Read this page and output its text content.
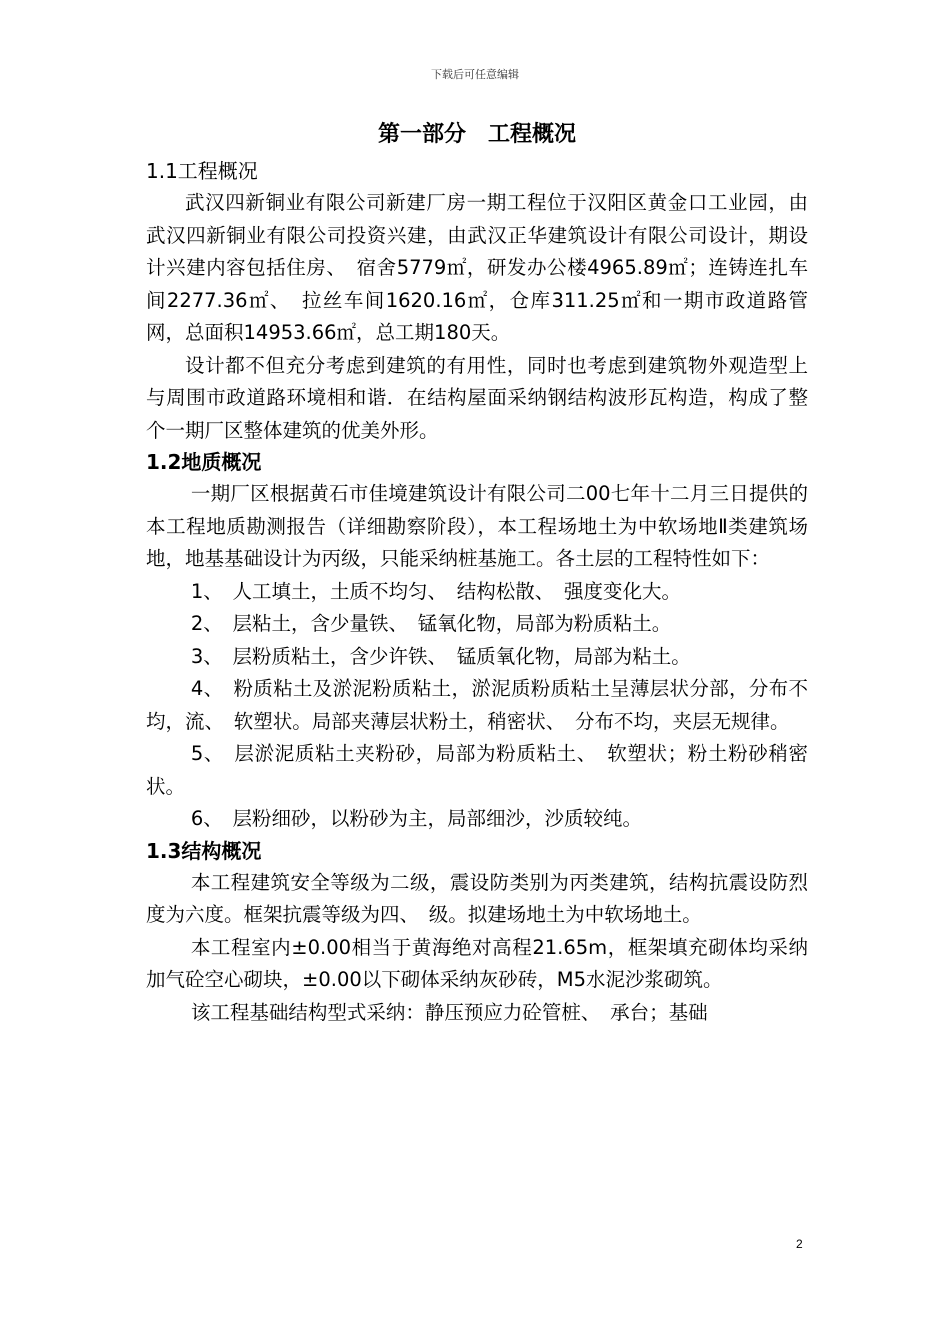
下载后可任意编辑
第一部分　工程概况
1.1工程概况

武汉四新铜业有限公司新建厂房一期工程位于汉阳区黄金口工业园，由武汉四新铜业有限公司投资兴建，由武汉正华建筑设计有限公司设计，期设计兴建内容包括住房、　宿舍5779㎡，研发办公楼4965.89㎡；连铸连扎车间2277.36㎡、　拉丝车间1620.16㎡，仓库311.25㎡和一期市政道路管网，总面积14953.66㎡，总工期180天。

设计都不但充分考虑到建筑的有用性，同时也考虑到建筑物外观造型上与周围市政道路环境相和谐．在结构屋面采纳钢结构波形瓦构造，构成了整个一期厂区整体建筑的优美外形。

1.2地质概况

一期厂区根据黄石市佳境建筑设计有限公司二00七年十二月三日提供的本工程地质勘测报告（详细勘察阶段），本工程场地土为中软场地Ⅱ类建筑场地，地基基础设计为丙级，只能采纳桩基施工。各土层的工程特性如下：

1、　人工填土，土质不均匀、　结构松散、　强度变化大。

2、　层粘土，含少量铁、　锰氧化物，局部为粉质粘土。

3、　层粉质粘土，含少许铁、　锰质氧化物，局部为粘土。

4、　粉质粘土及淤泥粉质粘土，淤泥质粉质粘土呈薄层状分部，分布不均，流、　软塑状。局部夹薄层状粉土，稍密状、　分布不均，夹层无规律。

5、　层淤泥质粘土夹粉砂，局部为粉质粘土、　软塑状；粉土粉砂稍密状。

6、　层粉细砂，以粉砂为主，局部细沙，沙质较纯。

1.3结构概况

本工程建筑安全等级为二级，震设防类别为丙类建筑，结构抗震设防烈度为六度。框架抗震等级为四、　级。拟建场地土为中软场地土。

本工程室内±0.00相当于黄海绝对高程21.65m，框架填充砌体均采纳加气砼空心砌块，±0.00以下砌体采纳灰砂砖，M5水泥沙浆砌筑。

该工程基础结构型式采纳：静压预应力砼管桩、　承台；基础

2
